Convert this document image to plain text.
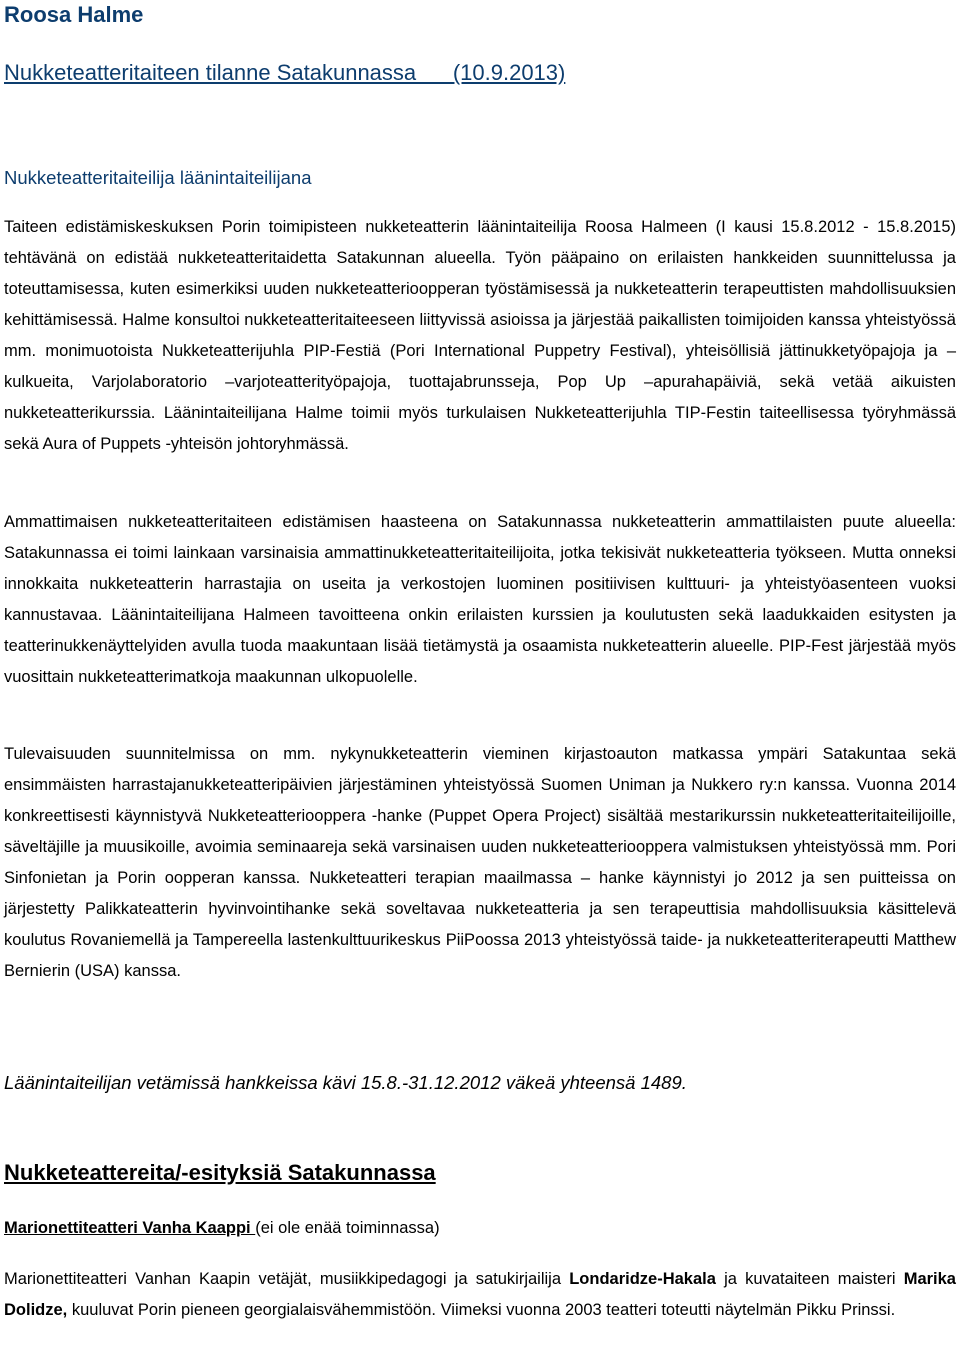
Roosa Halme
Nukketeatteritaiteen tilanne Satakunnassa      (10.9.2013)
Nukketeatteritaiteilija läänintaiteilijana

Taiteen edistämiskeskuksen Porin toimipisteen nukketeatterin läänintaiteilija Roosa Halmeen (I kausi 15.8.2012 - 15.8.2015) tehtävänä on edistää nukketeatteritaidetta Satakunnan alueella. Työn pääpaino on erilaisten hankkeiden suunnittelussa ja toteuttamisessa, kuten esimerkiksi uuden nukketeatterioopperan työstämisessä ja nukketeatterin terapeuttisten mahdollisuuksien kehittämisessä. Halme konsultoi nukketeatteritaiteeseen liittyvissä asioissa ja järjestää paikallisten toimijoiden kanssa yhteistyössä mm. monimuotoista Nukketeatterijuhla PIP-Festiä (Pori International Puppetry Festival), yhteisöllisiä jättinukketyöpajoja ja –kulkueita, Varjolaboratorio –varjoteatterityöpajoja, tuottajabrunsseja, Pop Up –apurahapäiviä, sekä vetää aikuisten nukketeatterikurssia. Läänintaiteilijana Halme toimii myös turkulaisen Nukketeatterijuhla TIP-Festin taiteellisessa työryhmässä sekä Aura of Puppets -yhteisön johtoryhmässä.

Ammattimaisen nukketeatteritaiteen edistämisen haasteena on Satakunnassa nukketeatterin ammattilaisten puute alueella: Satakunnassa ei toimi lainkaan varsinaisia ammattinukketeatteritaiteilijoita, jotka tekisivät nukketeatteria työkseen. Mutta onneksi innokkaita nukketeatterin harrastajia on useita ja verkostojen luominen positiivisen kulttuuri- ja yhteistyöasenteen vuoksi kannustavaa. Läänintaiteilijana Halmeen tavoitteena onkin erilaisten kurssien ja koulutusten sekä laadukkaiden esitysten ja teatterinukkenäyttelyiden avulla tuoda maakuntaan lisää tietämystä ja osaamista nukketeatterin alueelle. PIP-Fest järjestää myös vuosittain nukketeatterimatkoja maakunnan ulkopuolelle.

Tulevaisuuden suunnitelmissa on mm. nykynukketeatterin vieminen kirjastoauton matkassa ympäri Satakuntaa sekä ensimmäisten harrastajanukketeatteripäivien järjestäminen yhteistyössä Suomen Uniman ja Nukkero ry:n kanssa. Vuonna 2014 konkreettisesti käynnistyvä Nukketeatteriooppera -hanke (Puppet Opera Project) sisältää mestarikurssin nukketeatteritaiteilijoille, säveltäjille ja muusikoille, avoimia seminaareja sekä varsinaisen uuden nukketeatteriooppera valmistuksen yhteistyössä mm. Pori Sinfonietan ja Porin oopperan kanssa. Nukketeatteri terapian maailmassa – hanke käynnistyi jo 2012 ja sen puitteissa on järjestetty Palikkateatterin hyvinvointihanke sekä soveltavaa nukketeatteria ja sen terapeuttisia mahdollisuuksia käsittelevä koulutus Rovaniemellä ja Tampereella lastenkulttuurikeskus PiiPoossa 2013 yhteistyössä taide- ja nukketeatteriterapeutti Matthew Bernierin (USA) kanssa.

Läänintaiteilijan vetämissä hankkeissa kävi 15.8.-31.12.2012 väkeä yhteensä 1489.
Nukketeattereita/-esityksiä Satakunnassa
Marionettiteatteri Vanha Kaappi (ei ole enää toiminnassa)

Marionettiteatteri Vanhan Kaapin vetäjät, musiikkipedagogi ja satukirjailija Londaridze-Hakala ja kuvataiteen maisteri Marika Dolidze, kuuluvat Porin pieneen georgialaisvähemmistöön. Viimeksi vuonna 2003 teatteri toteutti näytelmän Pikku Prinssi.
